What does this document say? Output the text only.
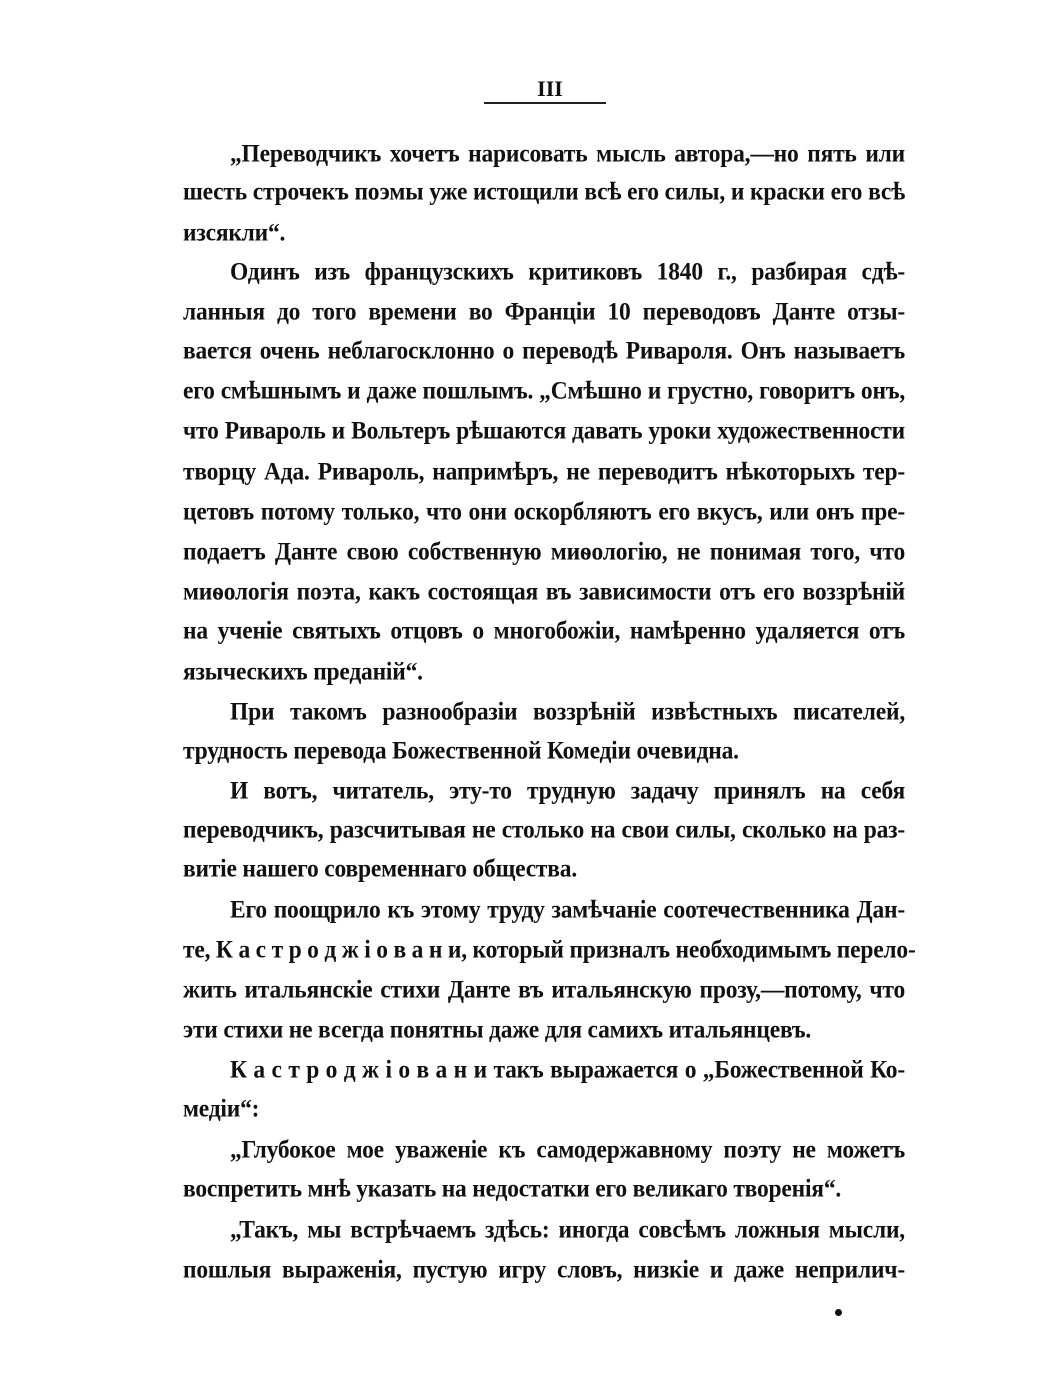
III
„Переводчикъ хочетъ нарисовать мысль автора,—но пять или
шесть строчекъ поэмы уже истощили всѣ его силы, и краски его всѣ
изсякли“.
Одинъ изъ французскихъ критиковъ 1840 г., разбирая сдѣ-
ланныя до того времени во Франціи 10 переводовъ Данте отзы-
вается очень неблагосклонно о переводѣ Ривароля. Онъ называетъ
его смѣшнымъ и даже пошлымъ. „Смѣшно и грустно, говоритъ онъ,
что Ривароль и Вольтеръ рѣшаются давать уроки художественности
творцу Ада. Ривароль, напримѣръ, не переводитъ нѣкоторыхъ тер-
цетовъ потому только, что они оскорбляютъ его вкусъ, или онъ пре-
подаетъ Данте свою собственную миѳологію, не понимая того, что
миѳологія поэта, какъ состоящая въ зависимости отъ его воззрѣній
на ученіе святыхъ отцовъ о многобожіи, намѣренно удаляется отъ
языческихъ преданій“.
При такомъ разнообразіи воззрѣній извѣстныхъ писателей,
трудность перевода Божественной Комедіи очевидна.
И вотъ, читатель, эту-то трудную задачу принялъ на себя
переводчикъ, разсчитывая не столько на свои силы, сколько на раз-
витіе нашего современнаго общества.
Его поощрило къ этому труду замѣчаніе соотечественника Дан-
те, К а с т р о д ж і о в а н и, который призналъ необходимымъ перело-
жить итальянскіе стихи Данте въ итальянскую прозу,—потому, что
эти стихи не всегда понятны даже для самихъ итальянцевъ.
К а с т р о д ж і о в а н и такъ выражается о „Божественной Ко-
медіи“:
„Глубокое мое уваженіе къ самодержавному поэту не можетъ
воспретить мнѣ указать на недостатки его великаго творенія“.
„Такъ, мы встрѣчаемъ здѣсь: иногда совсѣмъ ложныя мысли,
пошлыя выраженія, пустую игру словъ, низкіе и даже неприлич-
